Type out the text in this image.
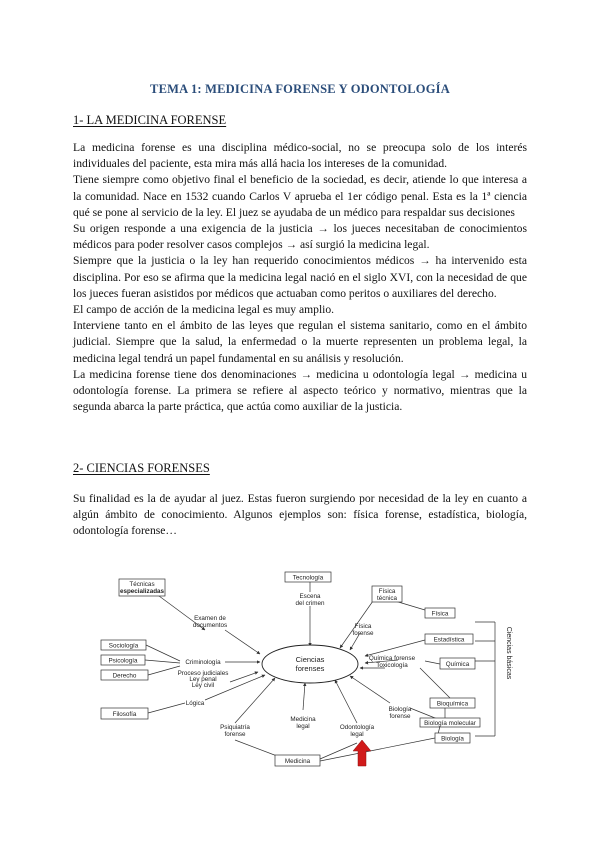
TEMA 1: MEDICINA FORENSE Y ODONTOLOGÍA
1- LA MEDICINA FORENSE

La medicina forense es una disciplina médico-social, no se preocupa solo de los interés individuales del paciente, esta mira más allá hacia los intereses de la comunidad.

Tiene siempre como objetivo final el beneficio de la sociedad, es decir, atiende lo que interesa a la comunidad. Nace en 1532 cuando Carlos V aprueba el 1er código penal. Esta es la 1ª ciencia qué se pone al servicio de la ley. El juez se ayudaba de un médico para respaldar sus decisiones

Su origen responde a una exigencia de la justicia → los jueces necesitaban de conocimientos médicos para poder resolver casos complejos → así surgió la medicina legal.

Siempre que la justicia o la ley han requerido conocimientos médicos → ha intervenido esta disciplina. Por eso se afirma que la medicina legal nació en el siglo XVI, con la necesidad de que los jueces fueran asistidos por médicos que actuaban como peritos o auxiliares del derecho.

El campo de acción de la medicina legal es muy amplio.

Interviene tanto en el ámbito de las leyes que regulan el sistema sanitario, como en el ámbito judicial. Siempre que la salud, la enfermedad o la muerte representen un problema legal, la medicina legal tendrá un papel fundamental en su análisis y resolución.

La medicina forense tiene dos denominaciones → medicina u odontología legal → medicina u odontología forense. La primera se refiere al aspecto teórico y normativo, mientras que la segunda abarca la parte práctica, que actúa como auxiliar de la justicia.

2- CIENCIAS FORENSES

Su finalidad es la de ayudar al juez. Estas fueron surgiendo por necesidad de la ley en cuanto a algún ámbito de conocimiento. Algunos ejemplos son: física forense, estadística, biología, odontología forense…

Ciencias
forenses
Técnicas
especializadas
Tecnología
Física
técnica
Física
Estadística
Sociología
Psicología
Derecho
Química
Filosofía
Bioquímica
Biología molecular
Biología
Medicina
Examen de
documentos
Escena
del crimen
Física
forense
Criminología
Proceso judiciales
Ley penal
Ley civil
Química forense
Toxicología
Lógica
Biología
forense
Psiquiatría
forense
Medicina
legal	Odontología
legal
Ciencias básicas
